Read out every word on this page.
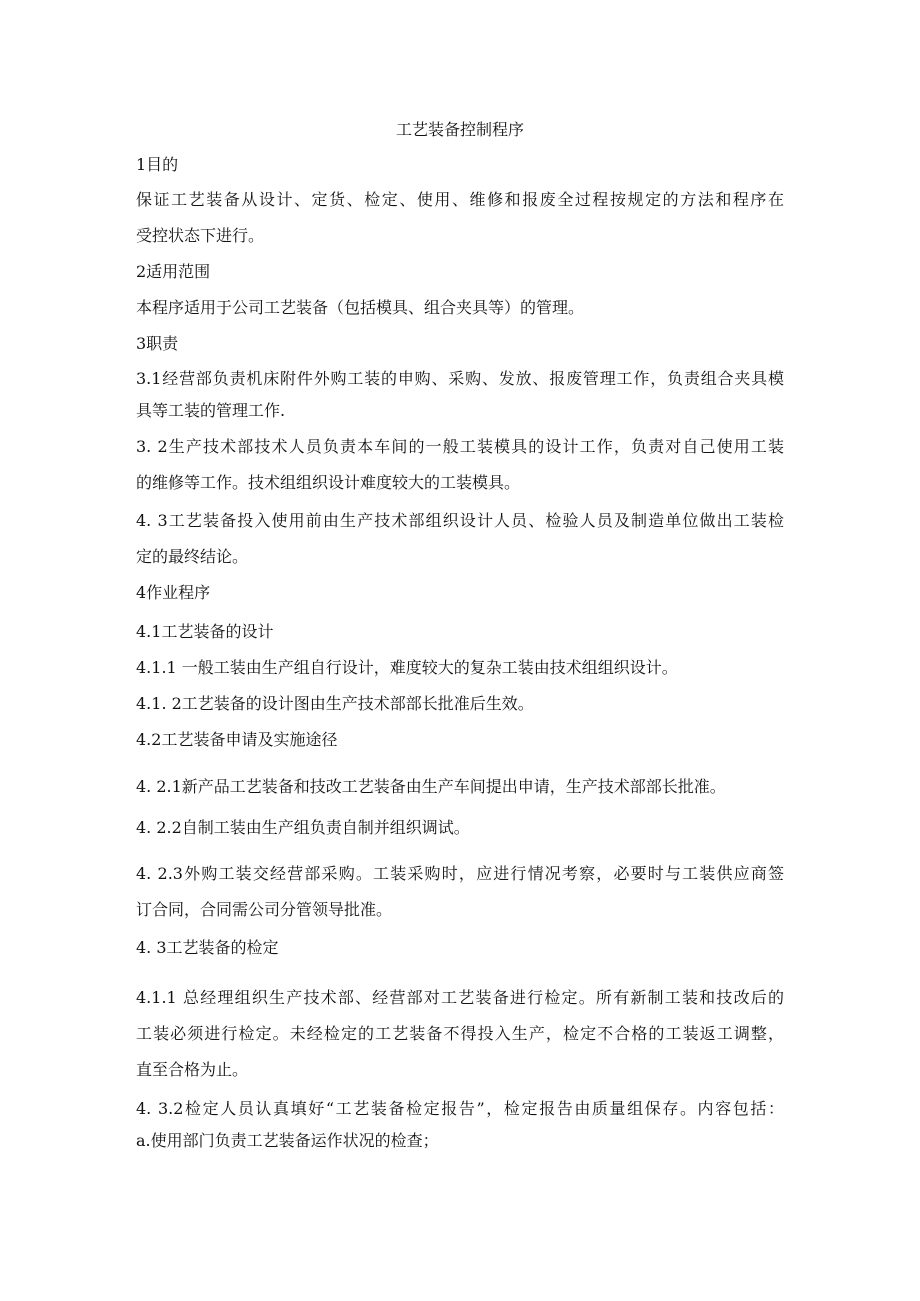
工艺装备控制程序
1目的
保证工艺装备从设计、定货、检定、使用、维修和报废全过程按规定的方法和程序在
受控状态下进行。
2适用范围
本程序适用于公司工艺装备（包括模具、组合夹具等）的管理。
3职责
3.1经营部负责机床附件外购工装的申购、采购、发放、报废管理工作，负责组合夹具模
具等工装的管理工作.
3. 2生产技术部技术人员负责本车间的一般工装模具的设计工作，负责对自己使用工装
的维修等工作。技术组组织设计难度较大的工装模具。
4. 3工艺装备投入使用前由生产技术部组织设计人员、检验人员及制造单位做出工装检
定的最终结论。
4作业程序
4.1工艺装备的设计
4.1.1 一般工装由生产组自行设计，难度较大的复杂工装由技术组组织设计。
4.1. 2工艺装备的设计图由生产技术部部长批准后生效。
4.2工艺装备申请及实施途径
4. 2.1新产品工艺装备和技改工艺装备由生产车间提出申请，生产技术部部长批准。
4. 2.2自制工装由生产组负责自制并组织调试。
4. 2.3外购工装交经营部采购。工装采购时，应进行情况考察，必要时与工装供应商签
订合同，合同需公司分管领导批准。
4. 3工艺装备的检定
4.1.1 总经理组织生产技术部、经营部对工艺装备进行检定。所有新制工装和技改后的
工装必须进行检定。未经检定的工艺装备不得投入生产，检定不合格的工装返工调整，
直至合格为止。
4. 3.2检定人员认真填好“工艺装备检定报告”，检定报告由质量组保存。内容包括：
a.使用部门负责工艺装备运作状况的检查；
